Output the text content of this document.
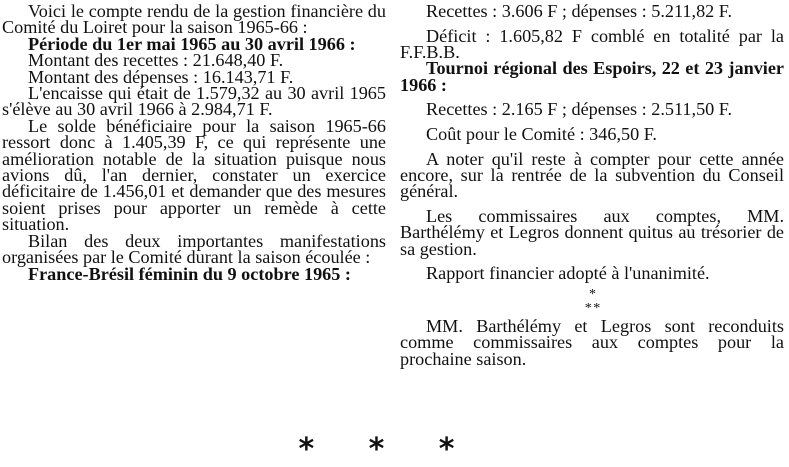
Voici le compte rendu de la gestion financière du Comité du Loiret pour la saison 1965-66 :

Période du 1er mai 1965 au 30 avril 1966 :

Montant des recettes : 21.648,40 F.

Montant des dépenses : 16.143,71 F.

L'encaisse qui était de 1.579,32 au 30 avril 1965 s'élève au 30 avril 1966 à 2.984,71 F.

Le solde bénéficiaire pour la saison 1965-66 ressort donc à 1.405,39 F, ce qui représente une amélioration notable de la situation puisque nous avions dû, l'an dernier, constater un exercice déficitaire de 1.456,01 et demander que des mesures soient prises pour apporter un remède à cette situation.

Bilan des deux importantes manifestations organisées par le Comité durant la saison écoulée :

France-Brésil féminin du 9 octobre 1965 :

Recettes : 3.606 F ; dépenses : 5.211,82 F.

Déficit : 1.605,82 F comblé en totalité par la F.F.B.B.

Tournoi régional des Espoirs, 22 et 23 janvier 1966 :

Recettes : 2.165 F ; dépenses : 2.511,50 F.

Coût pour le Comité : 346,50 F.

A noter qu'il reste à compter pour cette année encore, sur la rentrée de la subvention du Conseil général.

Les commissaires aux comptes, MM. Barthélémy et Legros donnent quitus au trésorier de sa gestion.

Rapport financier adopté à l'unanimité.

*
* *

MM. Barthélémy et Legros sont reconduits comme commissaires aux comptes pour la prochaine saison.

* * *
